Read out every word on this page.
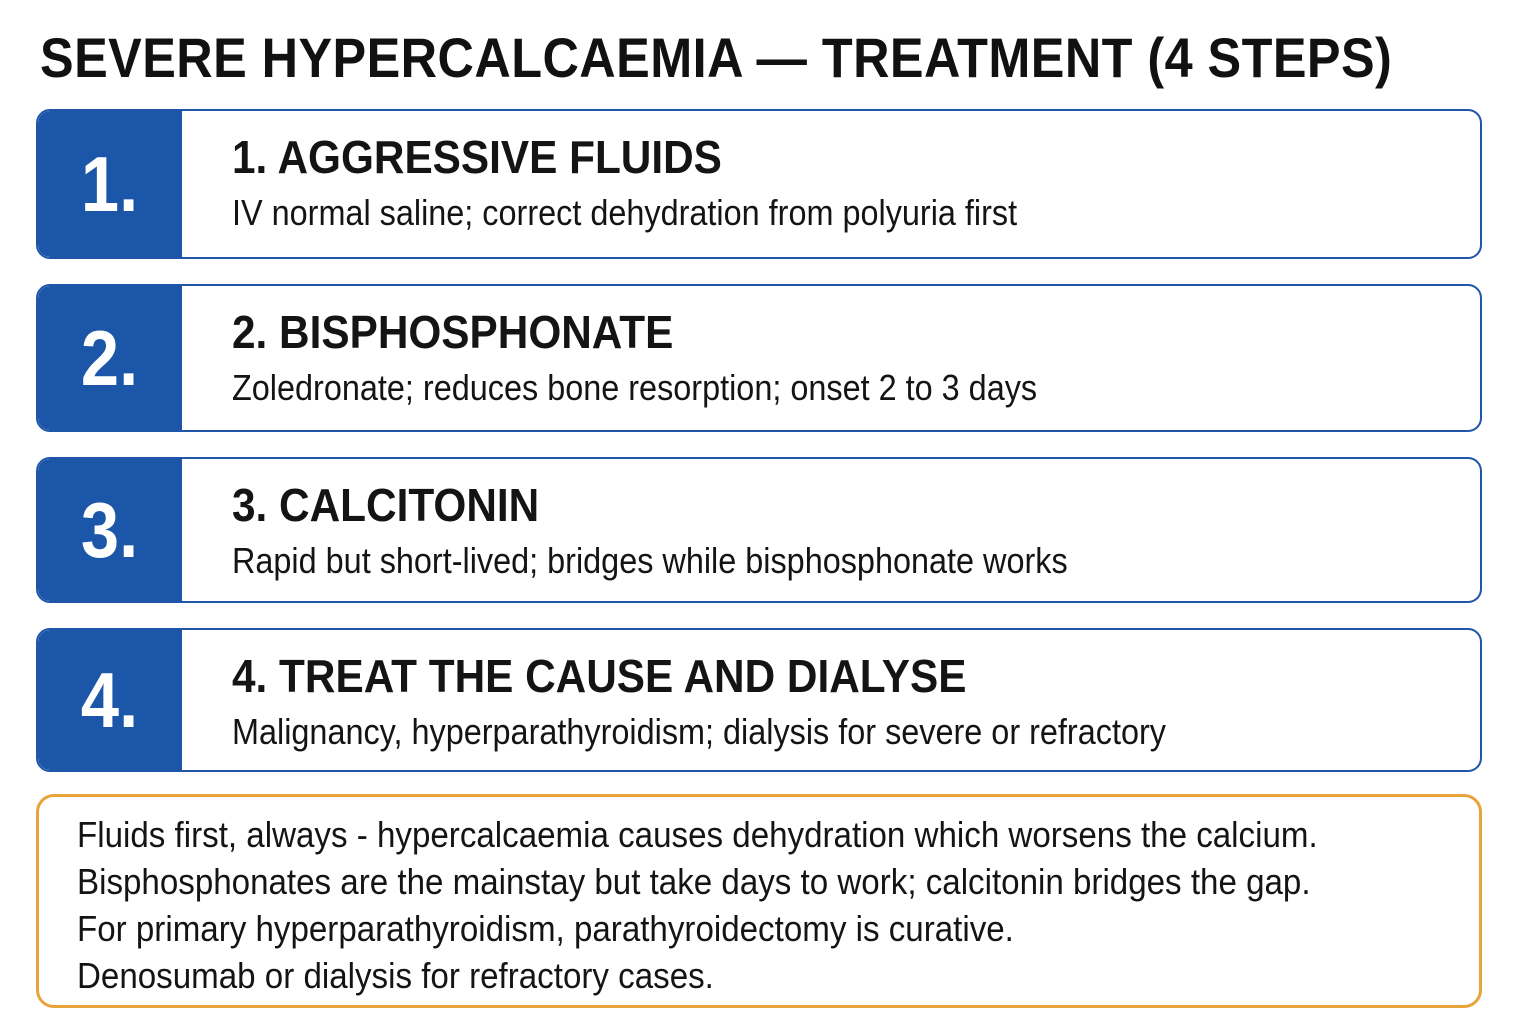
SEVERE HYPERCALCAEMIA — TREATMENT (4 STEPS)
1. 1. AGGRESSIVE FLUIDS
IV normal saline; correct dehydration from polyuria first
2. 2. BISPHOSPHONATE
Zoledronate; reduces bone resorption; onset 2 to 3 days
3. 3. CALCITONIN
Rapid but short-lived; bridges while bisphosphonate works
4. 4. TREAT THE CAUSE AND DIALYSE
Malignancy, hyperparathyroidism; dialysis for severe or refractory
Fluids first, always - hypercalcaemia causes dehydration which worsens the calcium.
Bisphosphonates are the mainstay but take days to work; calcitonin bridges the gap.
For primary hyperparathyroidism, parathyroidectomy is curative.
Denosumab or dialysis for refractory cases.
